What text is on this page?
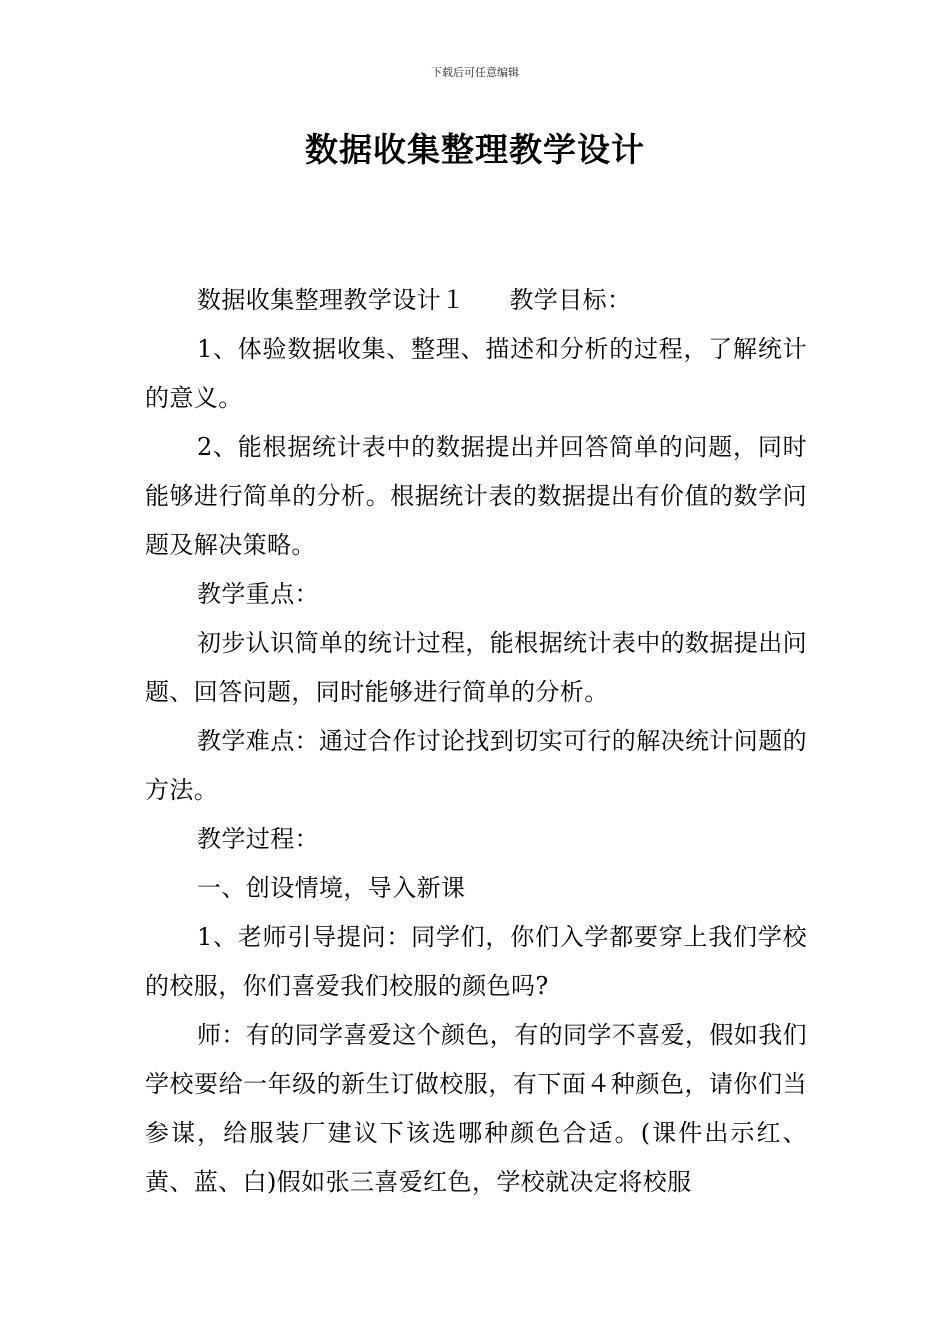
下载后可任意编辑
数据收集整理教学设计

数据收集整理教学设计１ 教学目标：

1、体验数据收集、整理、描述和分析的过程，了解统计的意义。

2、能根据统计表中的数据提出并回答简单的问题，同时能够进行简单的分析。根据统计表的数据提出有价值的数学问题及解决策略。

教学重点：

初步认识简单的统计过程，能根据统计表中的数据提出问题、回答问题，同时能够进行简单的分析。

教学难点：通过合作讨论找到切实可行的解决统计问题的方法。

教学过程：

一、创设情境，导入新课

1、老师引导提问：同学们，你们入学都要穿上我们学校的校服，你们喜爱我们校服的颜色吗?

师：有的同学喜爱这个颜色，有的同学不喜爱，假如我们学校要给一年级的新生订做校服，有下面４种颜色，请你们当参谋，给服装厂建议下该选哪种颜色合适。(课件出示红、黄、蓝、白)假如张三喜爱红色，学校就决定将校服
